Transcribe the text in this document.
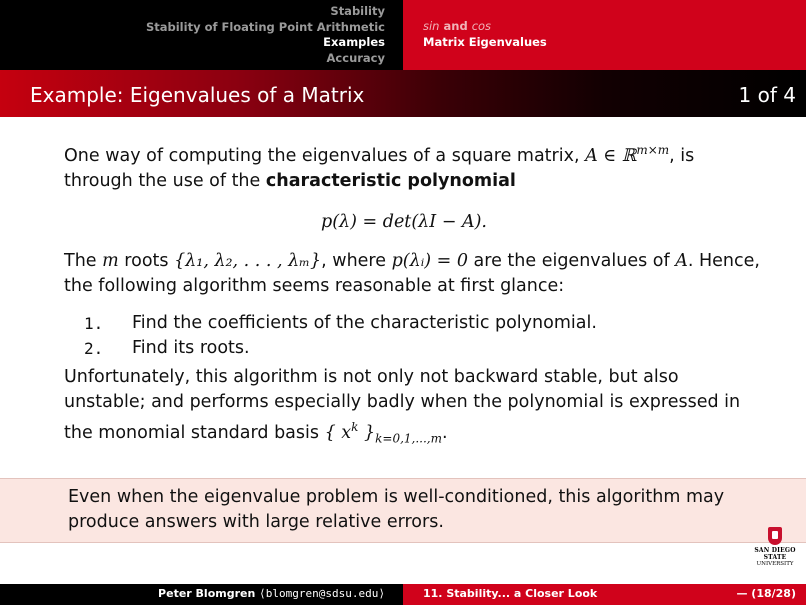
Stability
Stability of Floating Point Arithmetic
Examples
Accuracy
sin and cos
Matrix Eigenvalues
Example: Eigenvalues of a Matrix	1 of 4

One way of computing the eigenvalues of a square matrix, A ∈ ℝ$^{m\times m}$, is through the use of the characteristic polynomial

p(λ) = det(λI − A).

The m roots {λ₁, λ₂, . . . , λₘ}, where p(λᵢ) = 0 are the eigenvalues of A. Hence, the following algorithm seems reasonable at first glance:

1.	Find the coefficients of the characteristic polynomial.
2.	Find its roots.

Unfortunately, this algorithm is not only not backward stable, but also unstable; and performs especially badly when the polynomial is expressed in the monomial standard basis { $x^k$ }$_{k=0,1,...,m}$.

Even when the eigenvalue problem is well-conditioned, this algorithm may produce answers with large relative errors.
SAN DIEGO STATE
UNIVERSITY
Peter Blomgren ⟨blomgren@sdsu.edu⟩	11. Stability... a Closer Look	— (18/28)
